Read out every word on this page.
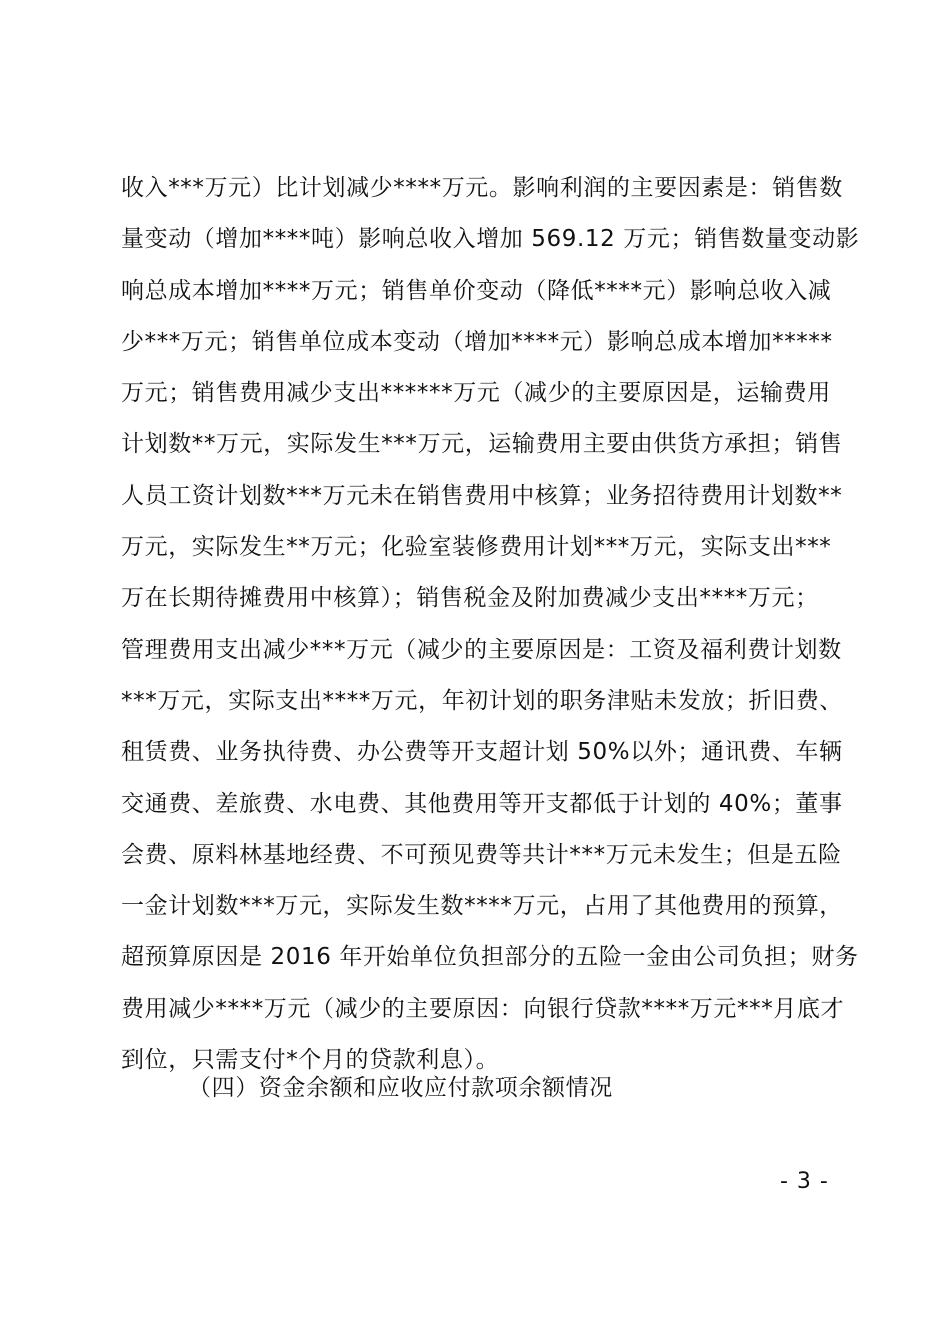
收入***万元）比计划减少****万元。影响利润的主要因素是：销售数
量变动（增加****吨）影响总收入增加 569.12 万元；销售数量变动影
响总成本增加****万元；销售单价变动（降低****元）影响总收入减
少***万元；销售单位成本变动（增加****元）影响总成本增加*****
万元；销售费用减少支出******万元（减少的主要原因是，运输费用
计划数**万元，实际发生***万元，运输费用主要由供货方承担；销售
人员工资计划数***万元未在销售费用中核算；业务招待费用计划数**
万元，实际发生**万元；化验室装修费用计划***万元，实际支出***
万在长期待摊费用中核算）；销售税金及附加费减少支出****万元；
管理费用支出减少***万元（减少的主要原因是：工资及福利费计划数
***万元，实际支出****万元，年初计划的职务津贴未发放；折旧费、
租赁费、业务执待费、办公费等开支超计划 50%以外；通讯费、车辆
交通费、差旅费、水电费、其他费用等开支都低于计划的 40%；董事
会费、原料林基地经费、不可预见费等共计***万元未发生；但是五险
一金计划数***万元，实际发生数****万元，占用了其他费用的预算，
超预算原因是 2016 年开始单位负担部分的五险一金由公司负担；财务
费用减少****万元（减少的主要原因：向银行贷款****万元***月底才
到位，只需支付*个月的贷款利息）。
（四）资金余额和应收应付款项余额情况
- 3 -
